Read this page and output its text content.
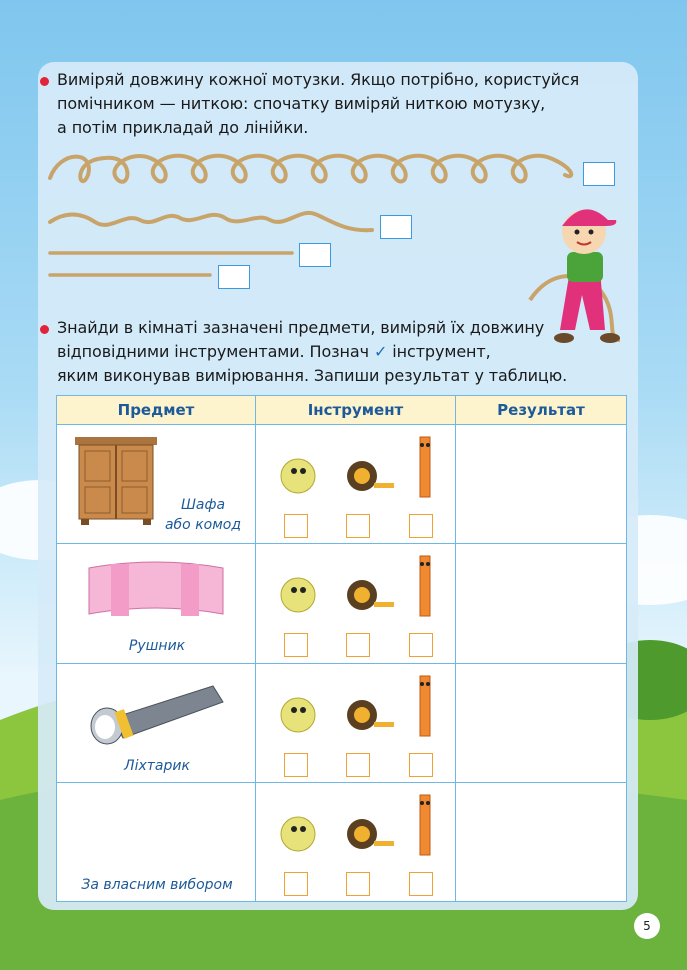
Виміряй довжину кожної мотузки. Якщо потрібно, користуйся
помічником — ниткою: спочатку виміряй ниткою мотузку,
а потім прикладай до лінійки.
Знайди в кімнаті зазначені предмети, виміряй їх довжину
відповідними інструментами. Познач ✓ інструмент,
яким виконував вимірювання. Запиши результат у таблицю.
Предмет	Інструмент	Результат

Шафа
або комод

Рушник

Ліхтарик

За власним вибором

5
